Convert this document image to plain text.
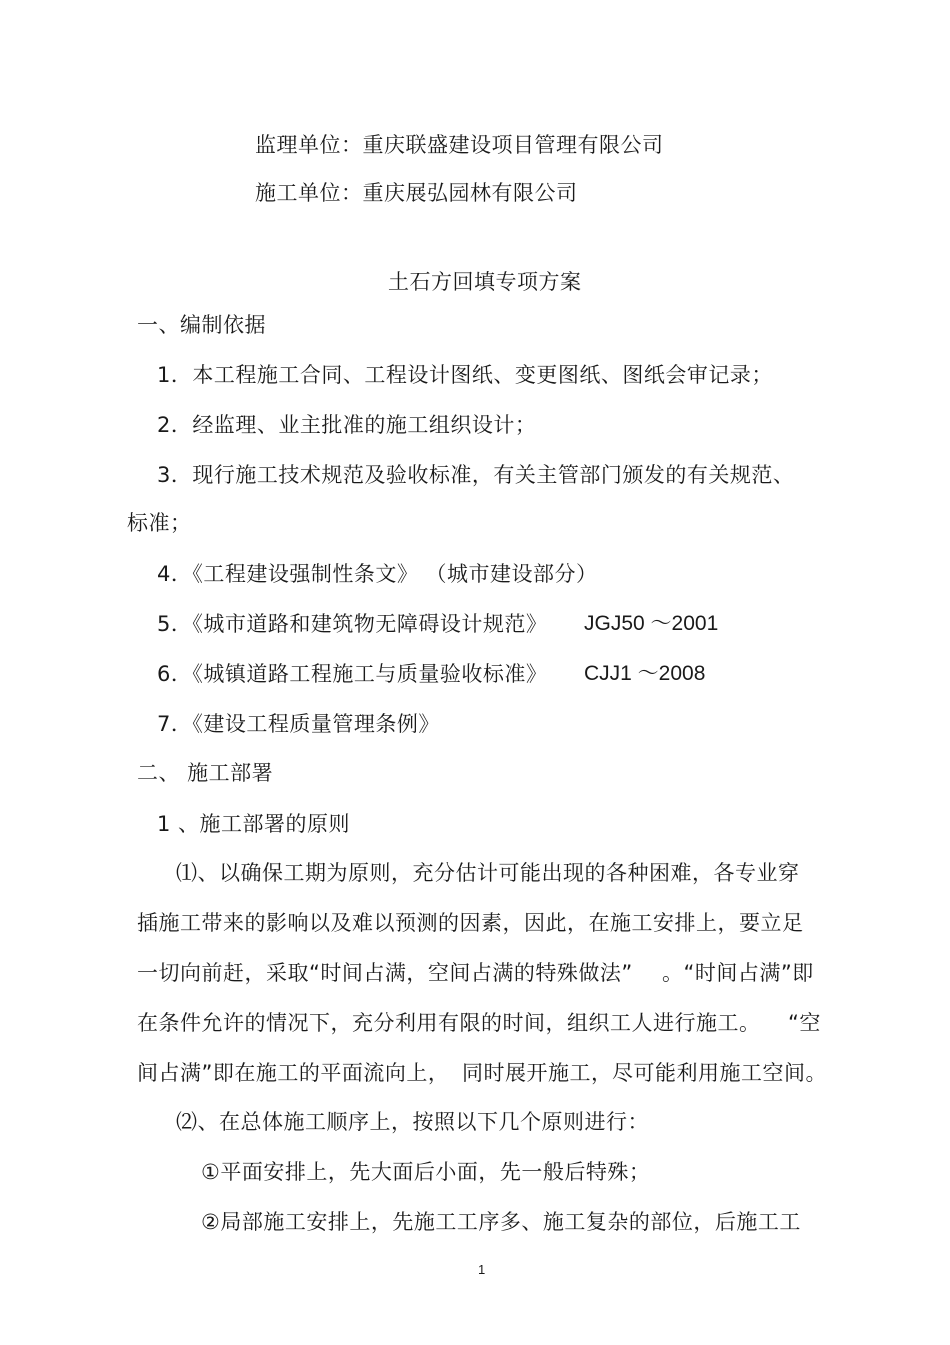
监理单位：重庆联盛建设项目管理有限公司
施工单位：重庆展弘园林有限公司
土石方回填专项方案
一、编制依据
1．本工程施工合同、工程设计图纸、变更图纸、图纸会审记录；
2．经监理、业主批准的施工组织设计；
3．现行施工技术规范及验收标准，有关主管部门颁发的有关规范、
标准；
4．《工程建设强制性条文》 （城市建设部分）
5．《城市道路和建筑物无障碍设计规范》 JGJ50 ～2001
6．《城镇道路工程施工与质量验收标准》 CJJ1 ～2008
7．《建设工程质量管理条例》
二、 施工部署
1 、施工部署的原则
⑴、以确保工期为原则，充分估计可能出现的各种困难，各专业穿
插施工带来的影响以及难以预测的因素，因此，在施工安排上，要立足
一切向前赶，采取“时间占满，空间占满的特殊做法” 。“时间占满”即
在条件允许的情况下，充分利用有限的时间，组织工人进行施工。 “空
间占满”即在施工的平面流向上， 同时展开施工， 尽可能利用施工空间。
⑵、在总体施工顺序上，按照以下几个原则进行：
①平面安排上，先大面后小面，先一般后特殊；
②局部施工安排上，先施工工序多、施工复杂的部位，后施工工
1
